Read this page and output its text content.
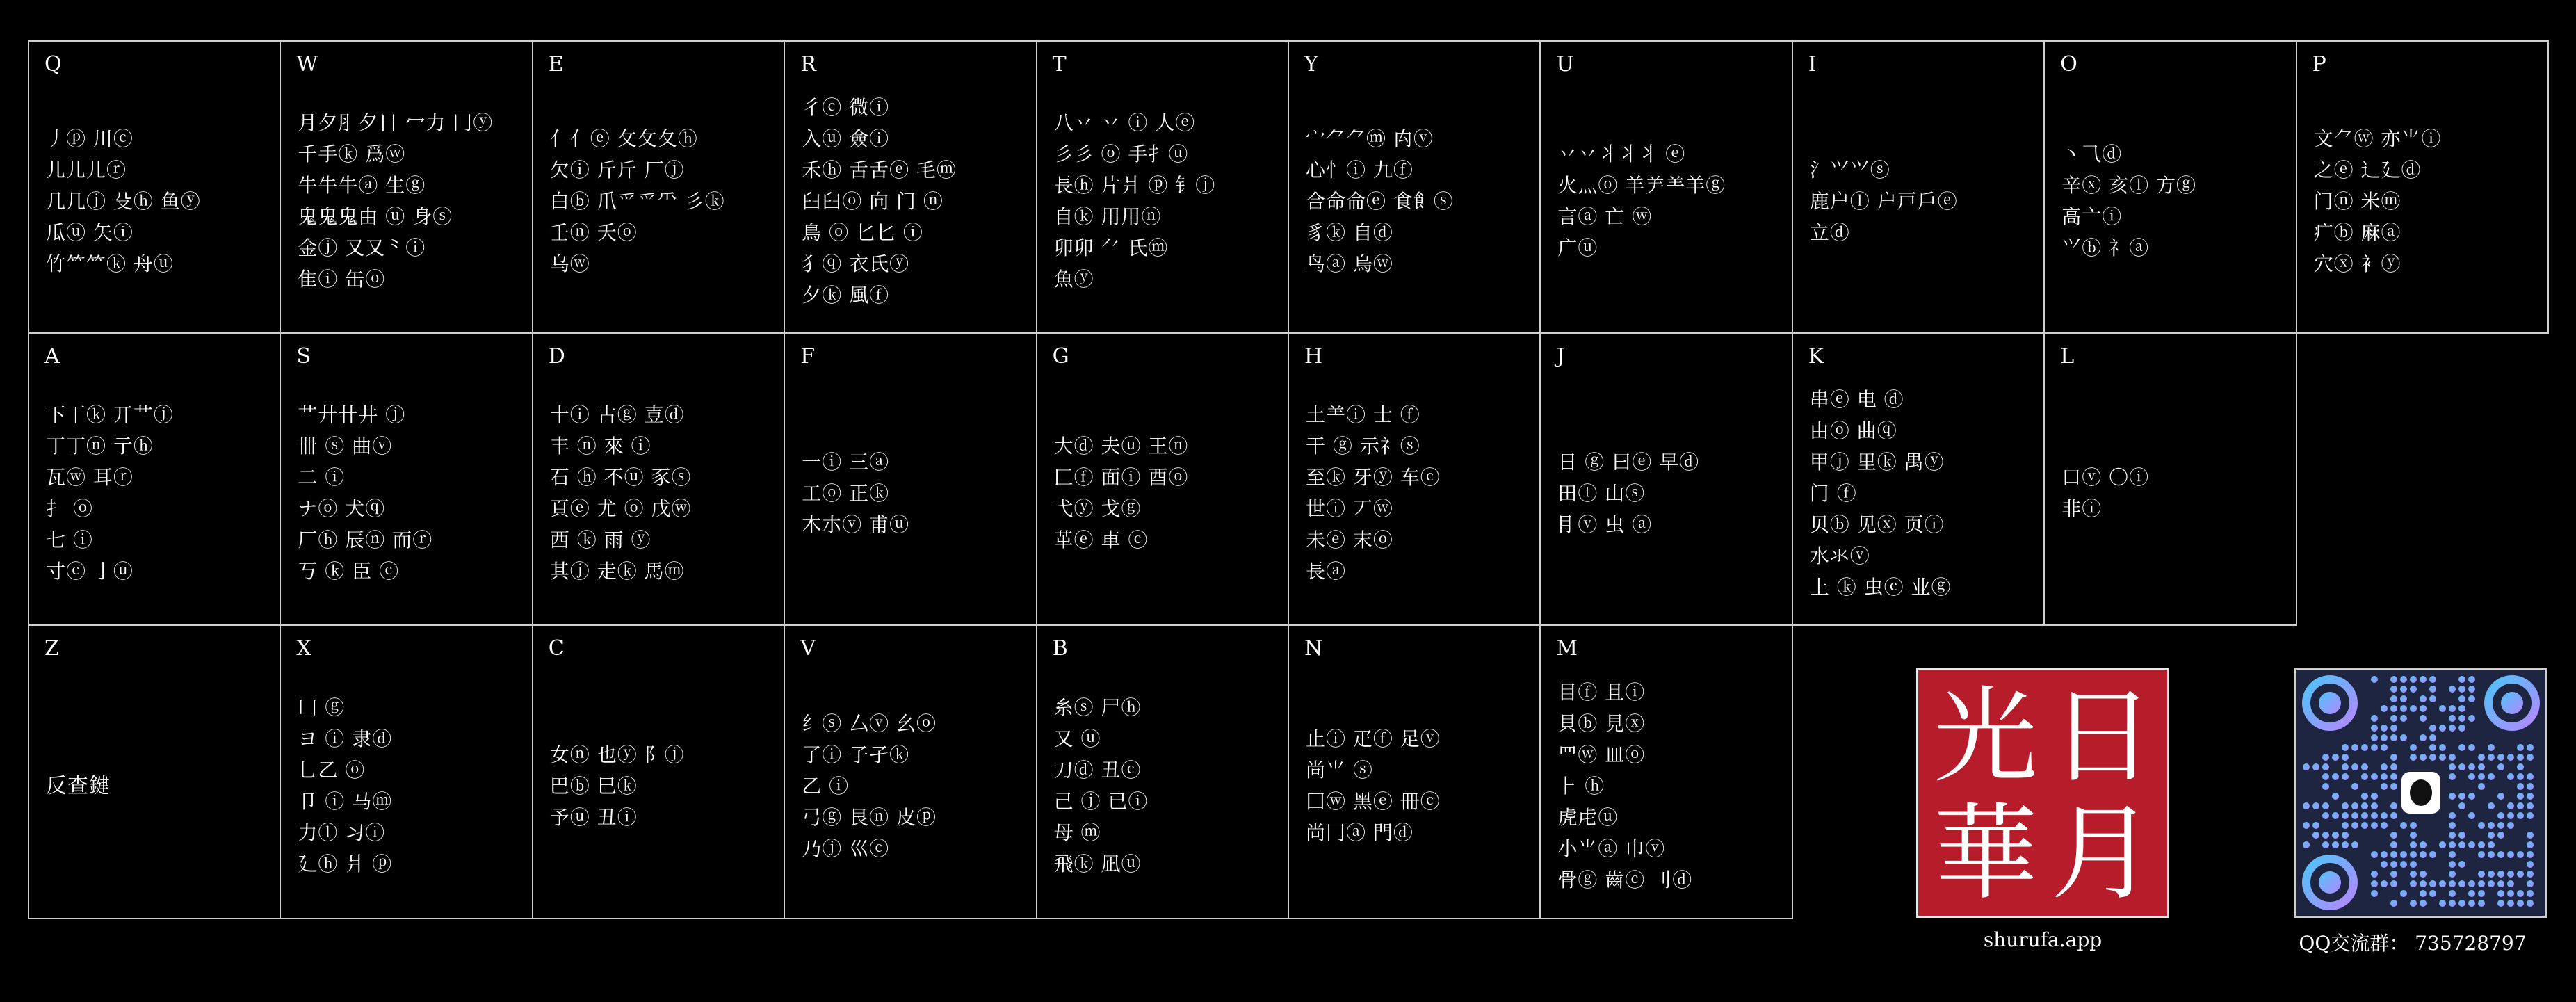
Q
丿ⓟ 川ⓒ
儿儿儿ⓡ
几几ⓙ 殳ⓗ 鱼ⓨ
瓜ⓤ 矢ⓘ
竹⺮⺮ⓚ 舟ⓤ
W
月夕⺼夕日 冖力 冂ⓨ
千手ⓚ 爲ⓦ
牛牛牛ⓐ 生ⓖ
鬼鬼鬼由 ⓤ 身ⓢ
金ⓙ 又又⺀ⓘ
隹ⓘ 缶ⓞ
E
亻亻ⓔ 攵攵夂ⓗ
欠ⓘ 斤斤 厂ⓙ
白ⓑ 爪爫爫⺥ 彡ⓚ
壬ⓝ 夭ⓞ
乌ⓦ
R
彳ⓒ 微ⓘ
入ⓤ 僉ⓘ
禾ⓗ 舌舌ⓔ 毛ⓜ
臼臼ⓞ 向 门 ⓝ
鳥 ⓞ 匕匕 ⓘ
犭ⓠ 衣氏ⓨ
夕ⓚ 風ⓕ
T
八丷 丷 ⓘ 人ⓔ
彡彡 ⓞ 手⺘ⓤ
長ⓗ 片爿 ⓟ 钅ⓙ
自ⓚ 用用ⓝ
卯卯 ⺈ 氏ⓜ
魚ⓨ
Y
宀⺈⺈ⓜ 禸ⓥ
心忄ⓘ 九ⓕ
合命侖ⓔ 食飠ⓢ
豸ⓚ 自ⓓ
鸟ⓐ 烏ⓦ
U
丷丷丬丬丬 ⓔ
火灬ⓞ 羊⺶⺷羊ⓖ
言ⓐ 亡 ⓦ
广ⓤ
I
氵⺍⺍ⓢ
鹿户ⓛ 户戸戶ⓔ
立ⓓ
O
丶⺄ⓓ
辛ⓧ 亥ⓛ 方ⓖ
高亠ⓘ
⺍ⓑ 礻ⓐ
P
文⺈ⓦ 亦⺌ⓘ
之ⓔ 辶廴ⓓ
门ⓝ 米ⓜ
疒ⓑ 麻ⓐ
穴ⓧ 衤ⓨ
A
下丅ⓚ 丌⺾ⓙ
丁丁ⓝ 亍ⓗ
瓦ⓦ 耳ⓡ
扌 ⓞ
七 ⓘ
寸ⓒ 亅ⓤ
S
艹廾卄井 ⓙ
卌 ⓢ 曲ⓥ
二 ⓘ
ナⓞ 犬ⓠ
厂ⓗ 辰ⓝ 而ⓡ
丂 ⓚ 臣 ⓒ
D
十ⓘ 古ⓖ 壴ⓓ
丰 ⓝ 來 ⓘ
石 ⓗ 不ⓤ 豕ⓢ
頁ⓔ 尤 ⓞ 戊ⓦ
西 ⓚ 雨 ⓨ
其ⓙ 走ⓚ 馬ⓜ
F
一ⓘ 三ⓐ
工ⓞ 正ⓚ
木朩ⓥ 甫ⓤ
G
大ⓓ 夫ⓤ 王ⓝ
匚ⓕ 面ⓘ 酉ⓞ
弋ⓨ 戈ⓖ
革ⓔ 車 ⓒ
H
土⺷ⓘ 士 ⓕ
干 ⓖ 示礻ⓢ
至ⓚ 牙ⓨ 车ⓒ
世ⓘ 丆ⓦ
未ⓔ 末ⓞ
長ⓐ
J
日 ⓖ 曰ⓔ 早ⓓ
田ⓣ 山ⓢ
⺝ⓥ 虫 ⓐ
K
串ⓔ 电 ⓓ
由ⓞ 曲ⓠ
甲ⓙ 里ⓚ 禺ⓨ
门 ⓕ
贝ⓑ 见ⓧ 页ⓘ
水氺ⓥ
上 ⓚ 虫ⓒ 业ⓖ
L
口ⓥ 〇ⓘ
非ⓘ
Z
反查鍵
X
凵 ⓖ
ヨ ⓘ 隶ⓓ
乚乙 ⓞ
卩 ⓘ 马ⓜ
力ⓛ 习ⓘ
廴ⓗ 爿 ⓟ
C
女ⓝ 也ⓨ 阝ⓙ
巴ⓑ 巳ⓚ
予ⓤ 丑ⓘ
V
纟ⓢ 厶ⓥ 幺ⓞ
了ⓘ 子孑ⓚ
乙 ⓘ
弓ⓖ 艮ⓝ 皮ⓟ
乃ⓙ 巛ⓒ
B
糸ⓢ 尸ⓗ
又 ⓤ
刀ⓓ 丑ⓒ
己 ⓙ 已ⓘ
母 ⓜ
飛ⓚ 凪ⓤ
N
止ⓘ 疋ⓕ 足ⓥ
尚⺌ ⓢ
囗ⓦ 黑ⓔ 冊ⓒ
尚冂ⓐ 門ⓓ
M
目ⓕ 且ⓘ
貝ⓑ 見ⓧ
罒ⓦ 皿ⓞ
⺊ ⓗ
虎虍ⓤ
小⺌ⓐ 巾ⓥ
骨ⓖ 齒ⓒ 刂ⓓ
光 日
華 月
shurufa.app	QQ交流群： 735728797
